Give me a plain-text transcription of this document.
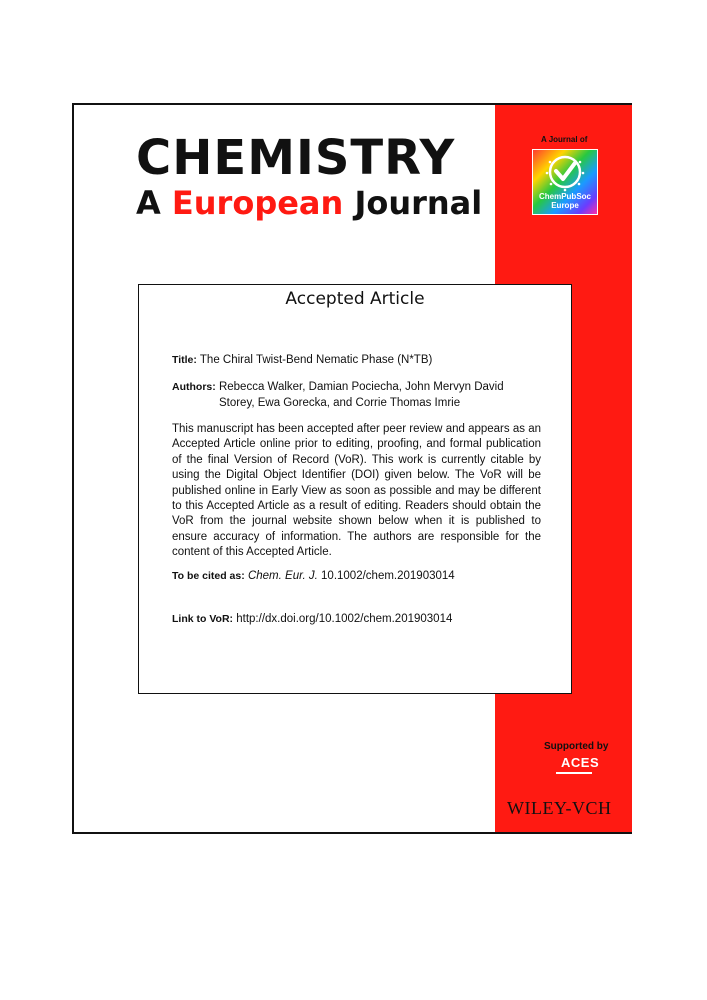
CHEMISTRY
A European Journal
A Journal of
ChemPubSoc
Europe
Accepted Article
Title: The Chiral Twist-Bend Nematic Phase (N*TB)
Authors: Rebecca Walker, Damian Pociecha, John Mervyn David Storey, Ewa Gorecka, and Corrie Thomas Imrie
This manuscript has been accepted after peer review and appears as an Accepted Article online prior to editing, proofing, and formal publication of the final Version of Record (VoR). This work is currently citable by using the Digital Object Identifier (DOI) given below. The VoR will be published online in Early View as soon as possible and may be different to this Accepted Article as a result of editing. Readers should obtain the VoR from the journal website shown below when it is published to ensure accuracy of information. The authors are responsible for the content of this Accepted Article.
To be cited as: Chem. Eur. J. 10.1002/chem.201903014
Link to VoR: http://dx.doi.org/10.1002/chem.201903014
Supported by
ACES
WILEY-VCH
